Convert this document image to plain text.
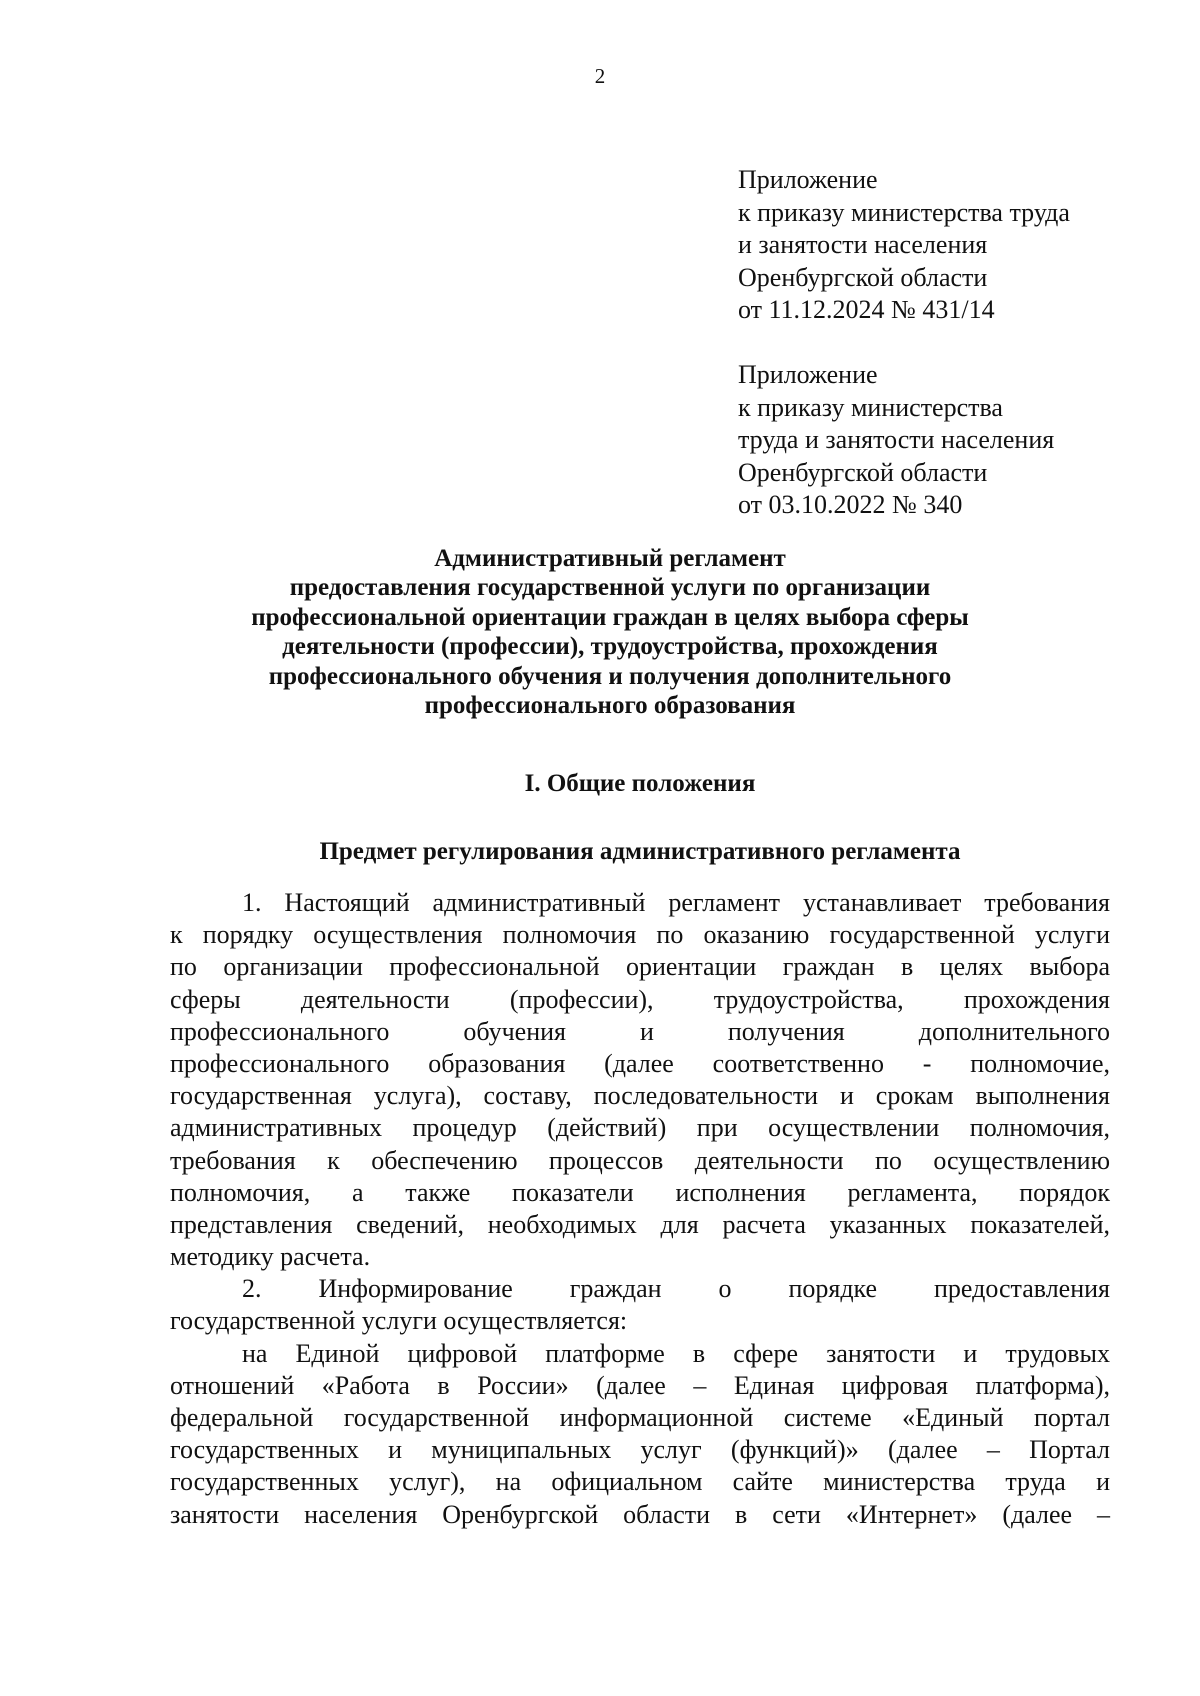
2
Приложение
к приказу министерства труда
и занятости населения
Оренбургской области
от 11.12.2024 № 431/14
Приложение
к приказу министерства
труда и занятости населения
Оренбургской области
от 03.10.2022 № 340
Административный регламент
предоставления государственной услуги по организации
профессиональной ориентации граждан в целях выбора сферы
деятельности (профессии), трудоустройства, прохождения
профессионального обучения и получения дополнительного
профессионального образования
I. Общие положения
Предмет регулирования административного регламента
1. Настоящий административный регламент устанавливает требования
к порядку осуществления полномочия по оказанию государственной услуги
по организации профессиональной ориентации граждан в целях выбора
сферы деятельности (профессии), трудоустройства, прохождения
профессионального обучения и получения дополнительного
профессионального образования (далее соответственно - полномочие,
государственная услуга), составу, последовательности и срокам выполнения
административных процедур (действий) при осуществлении полномочия,
требования к обеспечению процессов деятельности по осуществлению
полномочия, а также показатели исполнения регламента, порядок
представления сведений, необходимых для расчета указанных показателей,
методику расчета.
2. Информирование граждан о порядке предоставления
государственной услуги осуществляется:
на Единой цифровой платформе в сфере занятости и трудовых
отношений «Работа в России» (далее – Единая цифровая платформа),
федеральной государственной информационной системе «Единый портал
государственных и муниципальных услуг (функций)» (далее – Портал
государственных услуг), на официальном сайте министерства труда и
занятости населения Оренбургской области в сети «Интернет» (далее –
